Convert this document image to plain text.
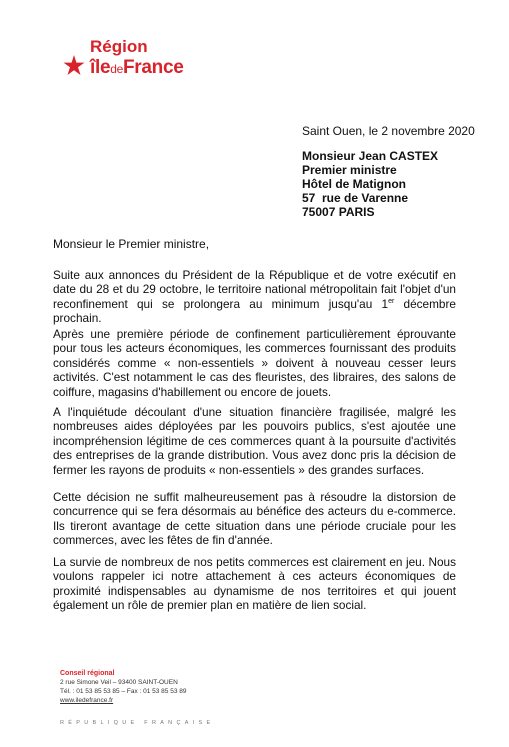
Région
îledeFrance
Saint Ouen, le 2 novembre 2020
Monsieur Jean CASTEX
Premier ministre
Hôtel de Matignon
57  rue de Varenne
75007 PARIS
Monsieur le Premier ministre,
Suite aux annonces du Président de la République et de votre exécutif en date du 28 et du 29 octobre, le territoire national métropolitain fait l'objet d'un reconfinement qui se prolongera au minimum jusqu'au 1er décembre prochain.
Après une première période de confinement particulièrement éprouvante pour tous les acteurs économiques, les commerces fournissant des produits considérés comme « non-essentiels » doivent à nouveau cesser leurs activités. C'est notamment le cas des fleuristes, des libraires, des salons de coiffure, magasins d'habillement ou encore de jouets.
A l'inquiétude découlant d'une situation financière fragilisée, malgré les nombreuses aides déployées par les pouvoirs publics, s'est ajoutée une incompréhension légitime de ces commerces quant à la poursuite d'activités des entreprises de la grande distribution. Vous avez donc pris la décision de fermer les rayons de produits « non-essentiels » des grandes surfaces.
Cette décision ne suffit malheureusement pas à résoudre la distorsion de concurrence qui se fera désormais au bénéfice des acteurs du e-commerce. Ils tireront avantage de cette situation dans une période cruciale pour les commerces, avec les fêtes de fin d'année.
La survie de nombreux de nos petits commerces est clairement en jeu. Nous voulons rappeler ici notre attachement à ces acteurs économiques de proximité indispensables au dynamisme de nos territoires et qui jouent également un rôle de premier plan en matière de lien social.
Conseil régional
2 rue Simone Veil – 93400 SAINT-OUEN
Tél. : 01 53 85 53 85 – Fax : 01 53 85 53 89
www.iledefrance.fr
RÉPUBLIQUE FRANÇAISE
